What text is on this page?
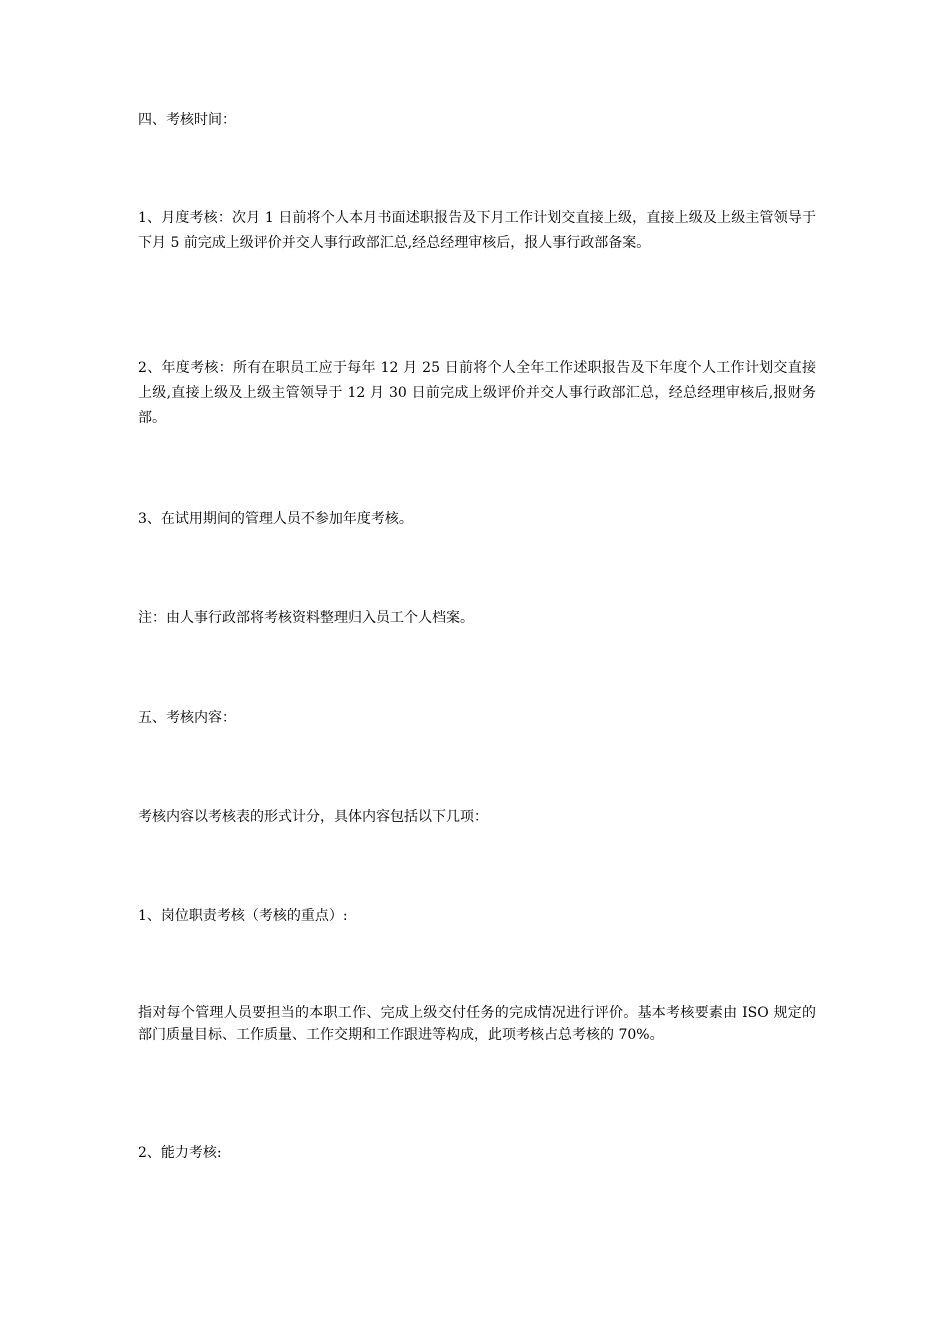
四、考核时间：

1、月度考核：次月 1 日前将个人本月书面述职报告及下月工作计划交直接上级，直接上级及上级主管领导于下月 5 前完成上级评价并交人事行政部汇总,经总经理审核后，报人事行政部备案。

2、年度考核：所有在职员工应于每年 12 月 25 日前将个人全年工作述职报告及下年度个人工作计划交直接上级,直接上级及上级主管领导于 12 月 30 日前完成上级评价并交人事行政部汇总，经总经理审核后,报财务部。

3、在试用期间的管理人员不参加年度考核。

注：由人事行政部将考核资料整理归入员工个人档案。

五、考核内容：

考核内容以考核表的形式计分，具体内容包括以下几项：

1、岗位职责考核（考核的重点）:

指对每个管理人员要担当的本职工作、完成上级交付任务的完成情况进行评价。基本考核要素由 ISO 规定的部门质量目标、工作质量、工作交期和工作跟进等构成，此项考核占总考核的 70%。

2、能力考核:
